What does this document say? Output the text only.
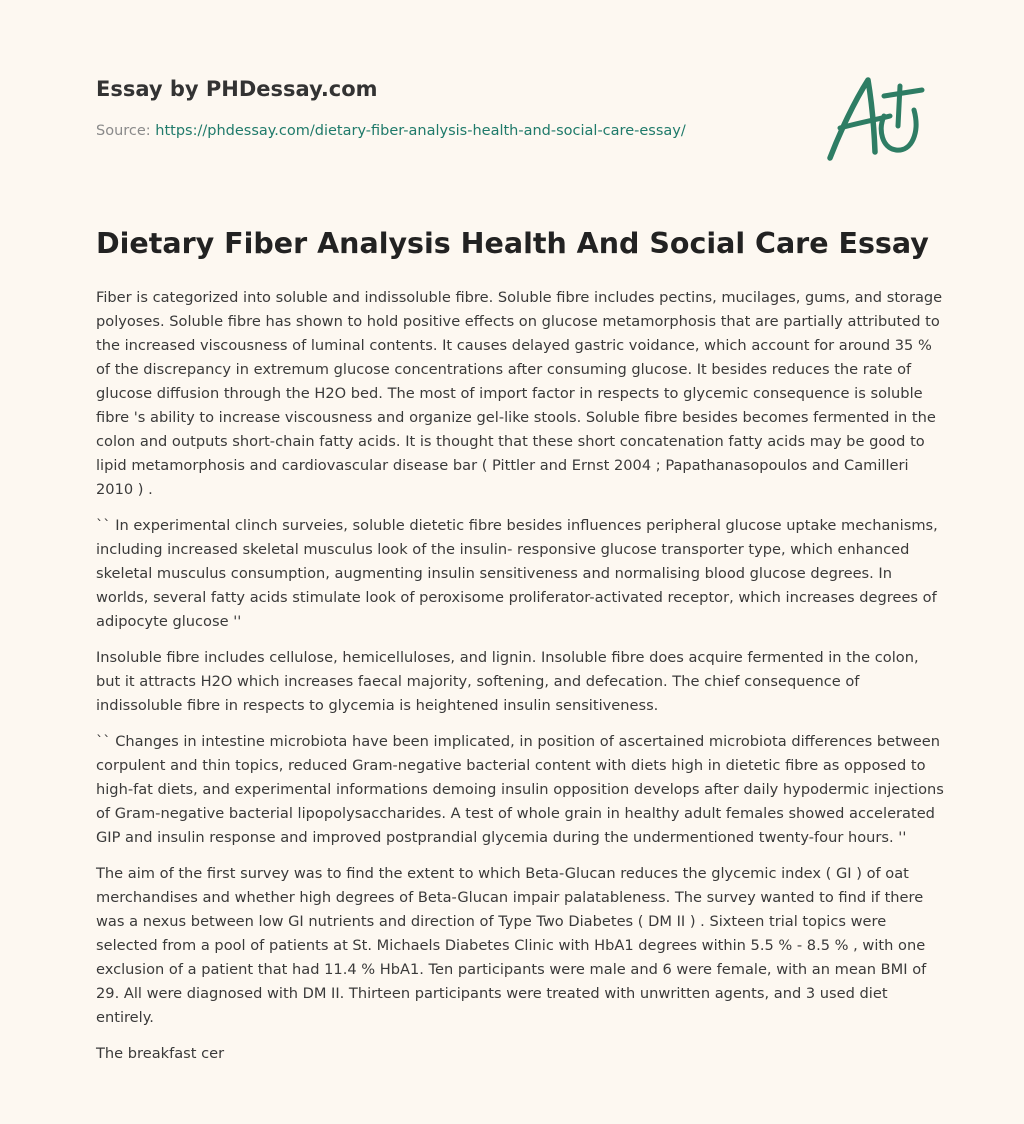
Essay by PHDessay.com
Source: https://phdessay.com/dietary-fiber-analysis-health-and-social-care-essay/
Dietary Fiber Analysis Health And Social Care Essay

Fiber is categorized into soluble and indissoluble fibre. Soluble fibre includes pectins, mucilages, gums, and storage polyoses. Soluble fibre has shown to hold positive effects on glucose metamorphosis that are partially attributed to the increased viscousness of luminal contents. It causes delayed gastric voidance, which account for around 35 % of the discrepancy in extremum glucose concentrations after consuming glucose. It besides reduces the rate of glucose diffusion through the H2O bed. The most of import factor in respects to glycemic consequence is soluble fibre 's ability to increase viscousness and organize gel-like stools. Soluble fibre besides becomes fermented in the colon and outputs short-chain fatty acids. It is thought that these short concatenation fatty acids may be good to lipid metamorphosis and cardiovascular disease bar ( Pittler and Ernst 2004 ; Papathanasopoulos and Camilleri 2010 ) .

`` In experimental clinch surveies, soluble dietetic fibre besides influences peripheral glucose uptake mechanisms, including increased skeletal musculus look of the insulin- responsive glucose transporter type, which enhanced skeletal musculus consumption, augmenting insulin sensitiveness and normalising blood glucose degrees. In worlds, several fatty acids stimulate look of peroxisome proliferator-activated receptor, which increases degrees of adipocyte glucose ''

Insoluble fibre includes cellulose, hemicelluloses, and lignin. Insoluble fibre does acquire fermented in the colon, but it attracts H2O which increases faecal majority, softening, and defecation. The chief consequence of indissoluble fibre in respects to glycemia is heightened insulin sensitiveness.

`` Changes in intestine microbiota have been implicated, in position of ascertained microbiota differences between corpulent and thin topics, reduced Gram-negative bacterial content with diets high in dietetic fibre as opposed to high-fat diets, and experimental informations demoing insulin opposition develops after daily hypodermic injections of Gram-negative bacterial lipopolysaccharides. A test of whole grain in healthy adult females showed accelerated GIP and insulin response and improved postprandial glycemia during the undermentioned twenty-four hours. ''

The aim of the first survey was to find the extent to which Beta-Glucan reduces the glycemic index ( GI ) of oat merchandises and whether high degrees of Beta-Glucan impair palatableness. The survey wanted to find if there was a nexus between low GI nutrients and direction of Type Two Diabetes ( DM II ) . Sixteen trial topics were selected from a pool of patients at St. Michaels Diabetes Clinic with HbA1 degrees within 5.5 % - 8.5 % , with one exclusion of a patient that had 11.4 % HbA1. Ten participants were male and 6 were female, with an mean BMI of 29. All were diagnosed with DM II. Thirteen participants were treated with unwritten agents, and 3 used diet entirely.

The breakfast cer
